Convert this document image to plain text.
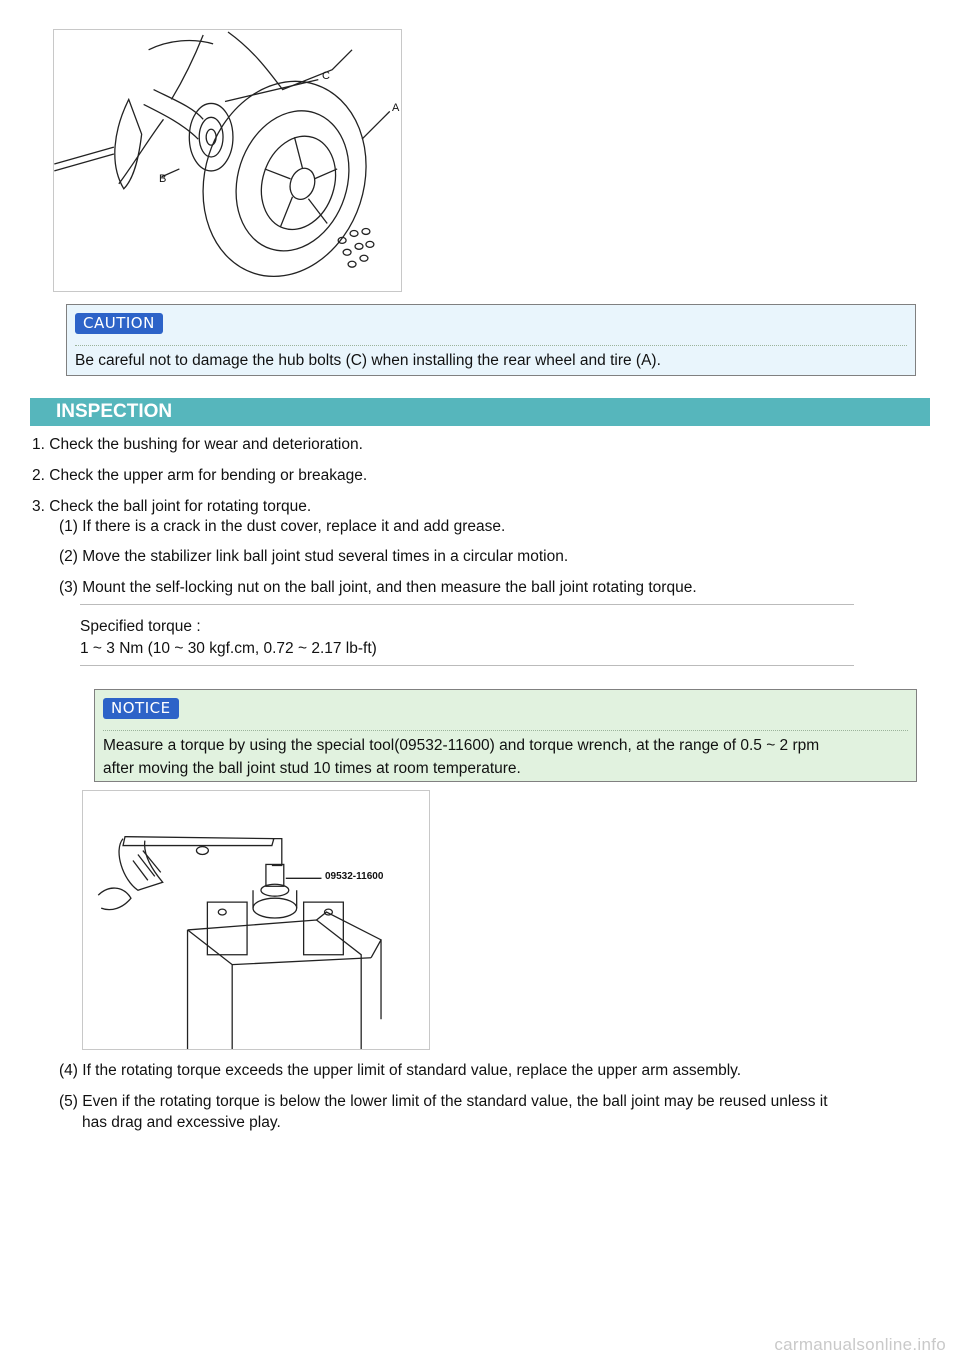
C
A
B
CAUTION
Be careful not to damage the hub bolts (C) when installing the rear wheel and tire (A).
INSPECTION
1. Check the bushing for wear and deterioration.
2. Check the upper arm for bending or breakage.
3. Check the ball joint for rotating torque.
(1) If there is a crack in the dust cover, replace it and add grease.
(2) Move the stabilizer link ball joint stud several times in a circular motion.
(3) Mount the self-locking nut on the ball joint, and then measure the ball joint rotating torque.
Specified torque :
1 ~ 3 Nm (10 ~ 30 kgf.cm, 0.72 ~ 2.17 lb-ft)
NOTICE
Measure a torque by using the special tool(09532-11600) and torque wrench, at the range of 0.5 ~ 2 rpm
after moving the ball joint stud 10 times at room temperature.
09532-11600
(4) If the rotating torque exceeds the upper limit of standard value, replace the upper arm assembly.
(5) Even if the rotating torque is below the lower limit of the standard value, the ball joint may be reused unless it
has drag and excessive play.
carmanualsonline.info
